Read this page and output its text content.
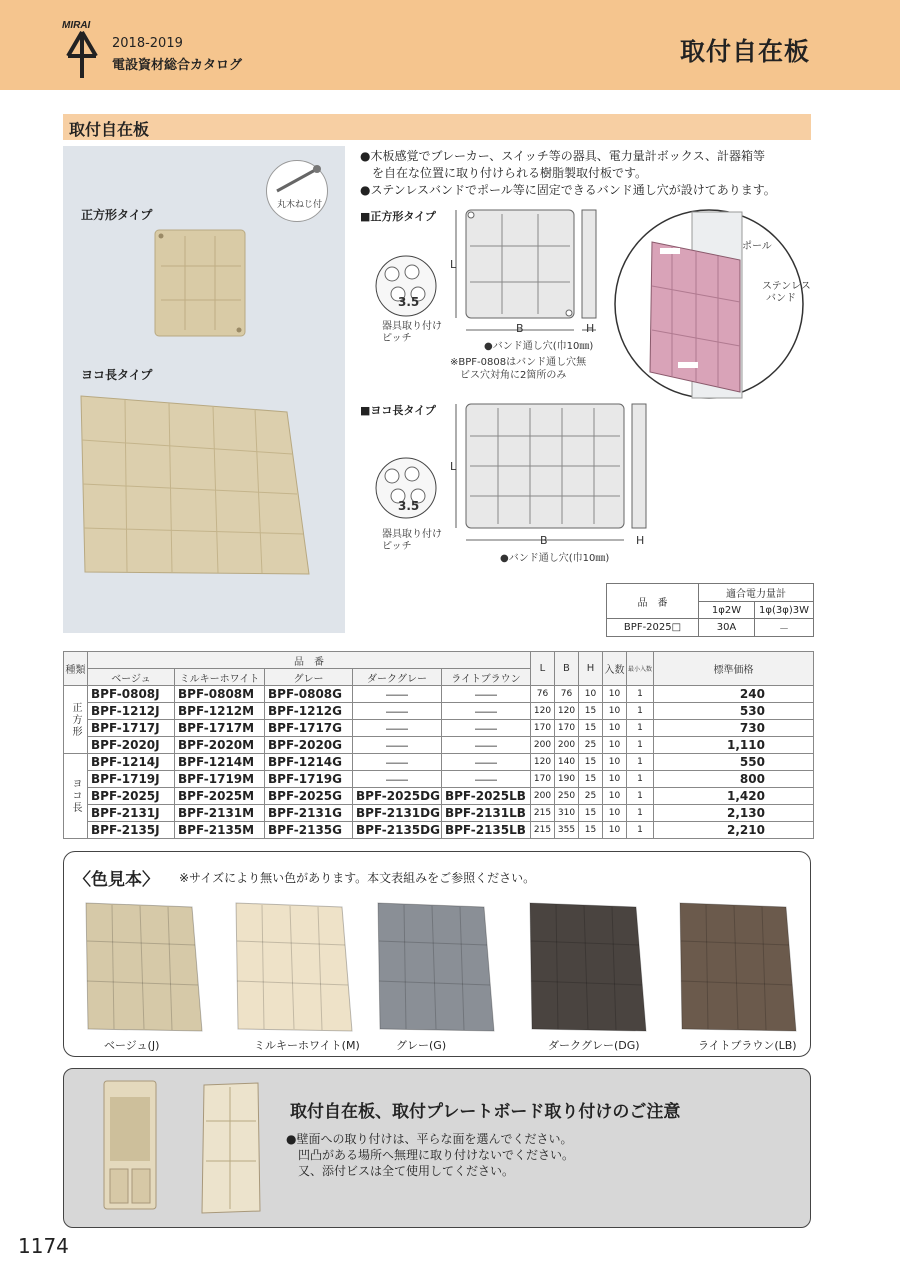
MIRAI
2018-2019
電設資材総合カタログ	取付自在板
取付自在板
丸木ねじ付
正方形タイプ
ヨコ長タイプ
●木板感覚でブレーカー、スイッチ等の器具、電力量計ボックス、計器箱等
　を自在な位置に取り付けられる樹脂製取付板です。
●ステンレスバンドでポール等に固定できるバンド通し穴が設けてあります。
■正方形タイプ
L
B	H
3.5
器具取り付け
ピッチ
●バンド通し穴(巾10㎜)
※BPF-0808はバンド通し穴無
ビス穴対角に2箇所のみ
ポール
ステンレス
バンド
■ヨコ長タイプ
L
B	H
3.5
器具取り付け
ピッチ
●バンド通し穴(巾10㎜)
品　番	適合電力量計	
	1φ2W	1φ(3φ)3W
BPF-2025□	30A	－
種類	品　番					L	B	H	入数	最小入数	標準価格
	ベージュ	ミルキーホワイト	グレー	ダークグレー	ライトブラウン						
正方形	BPF-0808J	BPF-0808M	BPF-0808G	――	――	76	76	10	10	1	240
	BPF-1212J	BPF-1212M	BPF-1212G	――	――	120	120	15	10	1	530
	BPF-1717J	BPF-1717M	BPF-1717G	――	――	170	170	15	10	1	730
	BPF-2020J	BPF-2020M	BPF-2020G	――	――	200	200	25	10	1	1,110
ヨコ長	BPF-1214J	BPF-1214M	BPF-1214G	――	――	120	140	15	10	1	550
	BPF-1719J	BPF-1719M	BPF-1719G	――	――	170	190	15	10	1	800
	BPF-2025J	BPF-2025M	BPF-2025G	BPF-2025DG	BPF-2025LB	200	250	25	10	1	1,420
	BPF-2131J	BPF-2131M	BPF-2131G	BPF-2131DG	BPF-2131LB	215	310	15	10	1	2,130
	BPF-2135J	BPF-2135M	BPF-2135G	BPF-2135DG	BPF-2135LB	215	355	15	10	1	2,210
〈色見本〉 ※サイズにより無い色があります。本文表組みをご参照ください。
ベージュ(J)	ミルキーホワイト(M)	グレー(G)	ダークグレー(DG)	ライトブラウン(LB)
取付自在板、取付プレートボード取り付けのご注意
●壁面への取り付けは、平らな面を選んでください。
　凹凸がある場所へ無理に取り付けないでください。
　又、添付ビスは全て使用してください。
1174
